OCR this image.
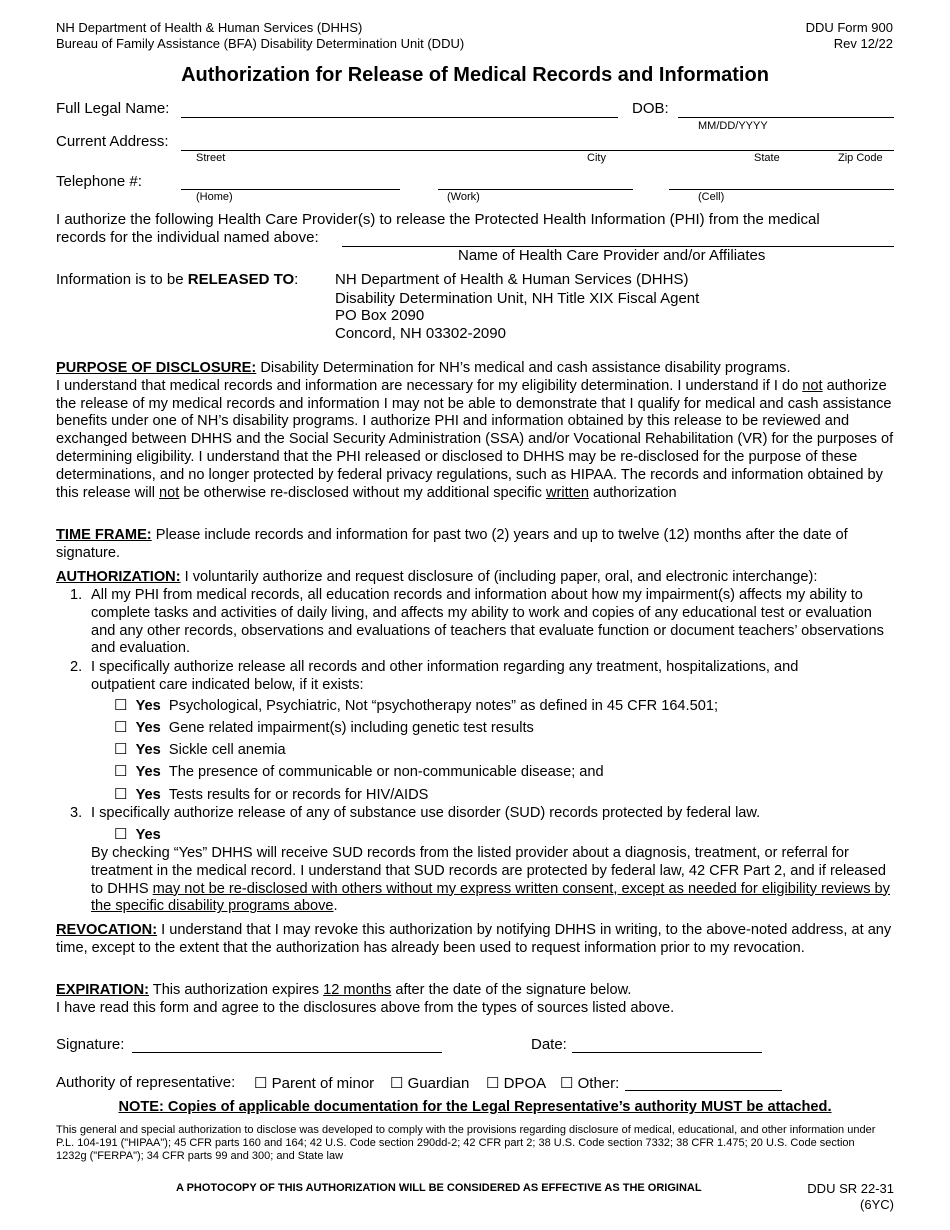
NH Department of Health & Human Services (DHHS)
Bureau of Family Assistance (BFA) Disability Determination Unit (DDU)
DDU Form 900
Rev 12/22
Authorization for Release of Medical Records and Information
Full Legal Name:	DOB:
MM/DD/YYYY
Current Address:
Street	City	State	Zip Code
Telephone #:
(Home)	(Work)	(Cell)
I authorize the following Health Care Provider(s) to release the Protected Health Information (PHI) from the medical
records for the individual named above:
Name of Health Care Provider and/or Affiliates
Information is to be RELEASED TO: NH Department of Health & Human Services (DHHS)
Disability Determination Unit, NH Title XIX Fiscal Agent
PO Box 2090
Concord, NH 03302-2090
PURPOSE OF DISCLOSURE: Disability Determination for NH’s medical and cash assistance disability programs.
I understand that medical records and information are necessary for my eligibility determination. I understand if I do not authorize the release of my medical records and information I may not be able to demonstrate that I qualify for medical and cash assistance benefits under one of NH’s disability programs. I authorize PHI and information obtained by this release to be reviewed and exchanged between DHHS and the Social Security Administration (SSA) and/or Vocational Rehabilitation (VR) for the purposes of determining eligibility. I understand that the PHI released or disclosed to DHHS may be re-disclosed for the purpose of these determinations, and no longer protected by federal privacy regulations, such as HIPAA. The records and information obtained by this release will not be otherwise re-disclosed without my additional specific written authorization
TIME FRAME: Please include records and information for past two (2) years and up to twelve (12) months after the date of signature.
AUTHORIZATION: I voluntarily authorize and request disclosure of (including paper, oral, and electronic interchange):
1. All my PHI from medical records, all education records and information about how my impairment(s) affects my ability to complete tasks and activities of daily living, and affects my ability to work and copies of any educational test or evaluation and any other records, observations and evaluations of teachers that evaluate function or document teachers’ observations and evaluation.
2. I specifically authorize release all records and other information regarding any treatment, hospitalizations, and outpatient care indicated below, if it exists:
☐ Yes Psychological, Psychiatric, Not “psychotherapy notes” as defined in 45 CFR 164.501;
☐ Yes Gene related impairment(s) including genetic test results
☐ Yes Sickle cell anemia
☐ Yes The presence of communicable or non-communicable disease; and
☐ Yes Tests results for or records for HIV/AIDS
3. I specifically authorize release of any of substance use disorder (SUD) records protected by federal law.
☐ Yes
By checking “Yes” DHHS will receive SUD records from the listed provider about a diagnosis, treatment, or referral for treatment in the medical record. I understand that SUD records are protected by federal law, 42 CFR Part 2, and if released to DHHS may not be re-disclosed with others without my express written consent, except as needed for eligibility reviews by the specific disability programs above.
REVOCATION: I understand that I may revoke this authorization by notifying DHHS in writing, to the above-noted address, at any time, except to the extent that the authorization has already been used to request information prior to my revocation.
EXPIRATION: This authorization expires 12 months after the date of the signature below.
I have read this form and agree to the disclosures above from the types of sources listed above.
Signature:	Date:
Authority of representative: ☐ Parent of minor ☐ Guardian ☐ DPOA ☐ Other:
NOTE: Copies of applicable documentation for the Legal Representative’s authority MUST be attached.
This general and special authorization to disclose was developed to comply with the provisions regarding disclosure of medical, educational, and other information under P.L. 104-191 ("HIPAA"); 45 CFR parts 160 and 164; 42 U.S. Code section 290dd-2; 42 CFR part 2; 38 U.S. Code section 7332; 38 CFR 1.475; 20 U.S. Code section 1232g ("FERPA"); 34 CFR parts 99 and 300; and State law
A PHOTOCOPY OF THIS AUTHORIZATION WILL BE CONSIDERED AS EFFECTIVE AS THE ORIGINAL	DDU SR 22-31
(6YC)
